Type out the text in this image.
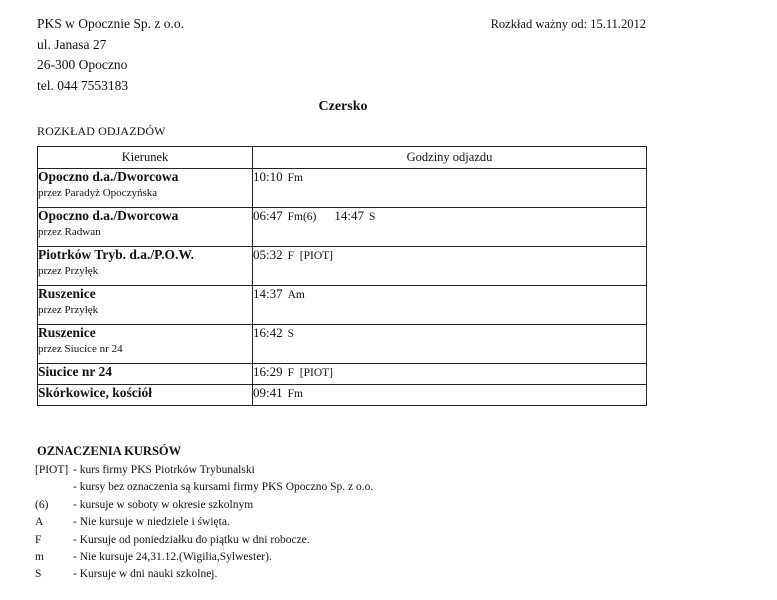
PKS w Opocznie Sp. z o.o.
ul. Janasa 27
26-300 Opoczno
tel. 044 7553183
Rozkład ważny od: 15.11.2012
Czersko
ROZKŁAD ODJAZDÓW
Kierunek	Godziny odjazdu

Opoczno d.a./Dworcowa
przez Paradyż Opoczyńska	10:10 Fm

Opoczno d.a./Dworcowa
przez Radwan	06:47 Fm(6) 14:47 S

Piotrków Tryb. d.a./P.O.W.
przez Przyłęk	05:32 F  [PIOT]

Ruszenice
przez Przyłęk	14:37 Am

Ruszenice
przez Siucice nr 24	16:42 S

Siucice nr 24	16:29 F  [PIOT]

Skórkowice, kościół	09:41 Fm
OZNACZENIA KURSÓW
[PIOT] - kurs firmy PKS Piotrków Trybunalski
- kursy bez oznaczenia są kursami firmy PKS Opoczno Sp. z o.o.
(6)	- kursuje w soboty w okresie szkolnym
A	- Nie kursuje w niedziele i święta.
F	- Kursuje od poniedziałku do piątku w dni robocze.
m	- Nie kursuje 24,31.12.(Wigilia,Sylwester).
S	- Kursuje w dni nauki szkolnej.
